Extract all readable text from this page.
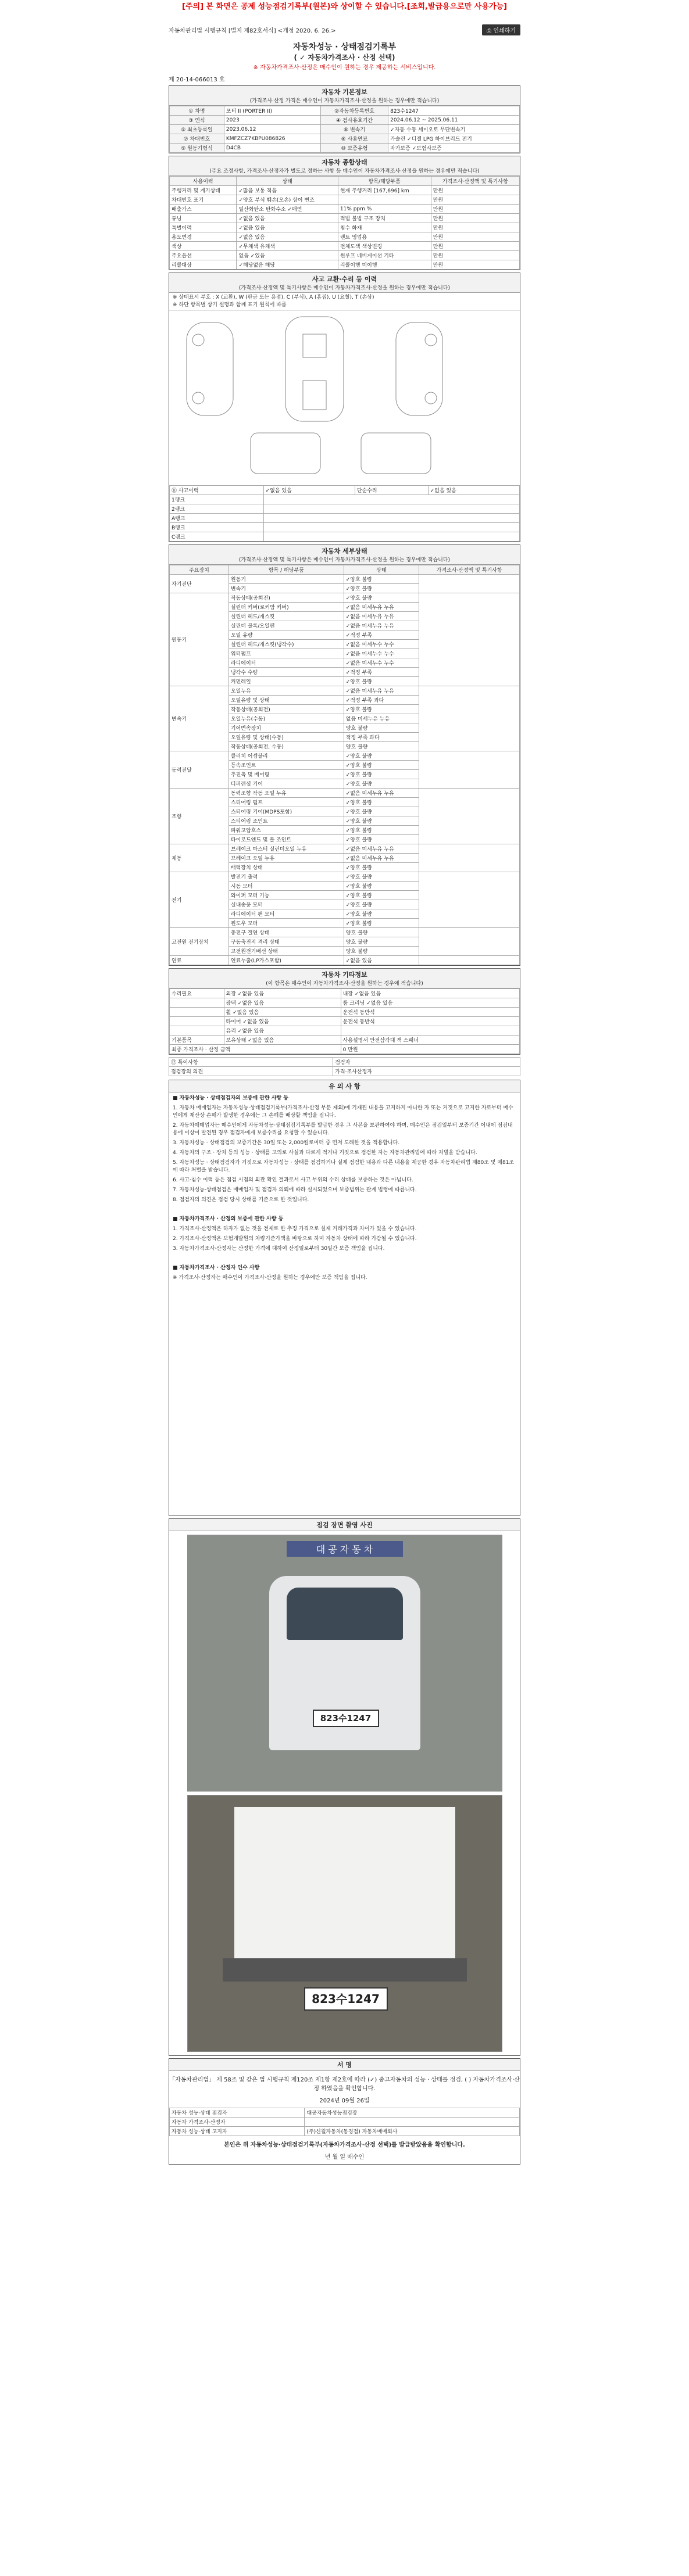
[주의] 본 화면은 공제 성능점검기록부(원본)와 상이할 수 있습니다.[조회,발급용으로만 사용가능]
자동차관리법 시행규칙 [별지 제82호서식] <개정 2020. 6. 26.>	⎙ 인쇄하기
자동차성능 · 상태점검기록부
( ✓ 자동차가격조사 · 산정 선택)
※ 자동차가격조사·산정은 매수인이 원하는 경우 제공하는 서비스입니다.
제 20-14-066013 호
자동차 기본정보
(가격조사·산정 가격은 매수인이 자동차가격조사·산정을 원하는 경우에만 적습니다)
① 차명	포터 II (PORTER II)	②자동차등록번호	823수1247
③ 연식	2023	④ 검사유효기간	2024.06.12 ~ 2025.06.11
⑤ 최초등록일	2023.06.12	⑥ 변속기	✓자동 수동 세미오토 무단변속기
⑦ 차대번호	KMFZCZ7KBPU086826	⑧ 사용연료	가솔린 ✓디젤 LPG 하이브리드 전기
⑨ 원동기형식	D4CB	⑩ 보증유형	자가보증 ✓보험사보증
자동차 종합상태
(주요 조정사항, 가격조사·산정자가 별도로 정하는 사항 등 매수인이 자동차가격조사·산정을 원하는 경우에만 적습니다)
사용이력	상태	항목/해당부품	가격조사·산정액 및 특기사항
주행거리 및 계기상태	✓많음 보통 적음	현재 주행거리 [167,696] km	만원
차대번호 표기	✓양호 부식 훼손(오손) 상이 변조		만원
배출가스	일산화탄소 탄화수소 ✓매연	11% ppm %	만원
튜닝	✓없음 있음	적법 불법 구조 장치	만원
특별이력	✓없음 있음	침수 화재	만원
용도변경	✓없음 있음	렌트 영업용	만원
색상	✓무채색 유채색	전체도색 색상변경	만원
주요옵션	없음 ✓있음	썬루프 네비게이션 기타	만원
리콜대상	✓해당없음 해당	리콜이행 미이행	만원
사고 교환·수리 등 이력
(가격조사·산정액 및 특기사항은 매수인이 자동차가격조사·산정을 원하는 경우에만 적습니다)
※ 상태표시 부호 : X (교환), W (판금 또는 용접), C (부식), A (흠집), U (요철), T (손상)
※ 하단 항목별 상기 설명과 함께 표기 원칙에 따름
⑪ 사고이력	✓없음 있음	단순수리	✓없음 있음
1랭크			
2랭크			
A랭크			
B랭크			
C랭크			
자동차 세부상태
(가격조사·산정액 및 특기사항은 매수인이 자동차가격조사·산정을 원하는 경우에만 적습니다)
주요장치	항목 / 해당부품	상태	가격조사·산정액 및 특기사항
자기진단	원동기	✓양호 불량	
	변속기	✓양호 불량	
원동기	작동상태(공회전)	✓양호 불량	
	실린더 커버(로커암 커버)	✓없음 미세누유 누유	
	실린더 헤드/개스킷	✓없음 미세누유 누유	
	실린더 블록/오일팬	✓없음 미세누유 누유	
	오일 유량	✓적정 부족	
	실린더 헤드/개스킷(냉각수)	✓없음 미세누수 누수	
	워터펌프	✓없음 미세누수 누수	
	라디에이터	✓없음 미세누수 누수	
	냉각수 수량	✓적정 부족	
	커먼레일	✓양호 불량	
변속기	오일누유	✓없음 미세누유 누유	
	오일유량 및 상태	✓적정 부족 과다	
	작동상태(공회전)	✓양호 불량	
	오일누유(수동)	없음 미세누유 누유	
	기어변속장치	양호 불량	
	오일유량 및 상태(수동)	적정 부족 과다	
	작동상태(공회전, 수동)	양호 불량	
동력전달	클러치 어셈블리	✓양호 불량	
	등속조인트	✓양호 불량	
	추진축 및 베어링	✓양호 불량	
	디퍼렌셜 기어	✓양호 불량	
조향	동력조향 작동 오일 누유	✓없음 미세누유 누유	
	스티어링 펌프	✓양호 불량	
	스티어링 기어(MDPS포함)	✓양호 불량	
	스티어링 조인트	✓양호 불량	
	파워고압호스	✓양호 불량	
	타이로드엔드 및 볼 조인트	✓양호 불량	
제동	브레이크 마스터 실린더오일 누유	✓없음 미세누유 누유	
	브레이크 오일 누유	✓없음 미세누유 누유	
	배력장치 상태	✓양호 불량	
전기	발전기 출력	✓양호 불량	
	시동 모터	✓양호 불량	
	와이퍼 모터 기능	✓양호 불량	
	실내송풍 모터	✓양호 불량	
	라디에이터 팬 모터	✓양호 불량	
	윈도우 모터	✓양호 불량	
고전원 전기장치	충전구 절연 상태	양호 불량	
	구동축전지 격리 상태	양호 불량	
	고전원전기배선 상태	양호 불량	
연료	연료누출(LP가스포함)	✓없음 있음	
자동차 기타정보
(이 항목은 매수인이 자동차가격조사·산정을 원하는 경우에 적습니다)
수리필요	외장 ✓없음 있음	내장 ✓없음 있음
	광택 ✓없음 있음	룸 크리닝 ✓없음 있음
	휠 ✓없음 있음	운전석 동반석
	타이어 ✓없음 있음	운전석 동반석
	유리 ✓없음 있음	
기본품목	보유상태 ✓없음 있음	사용설명서 안전삼각대 잭 스패너
최종 가격조사 · 산정 금액		0 만원
⑫ 특이사항	점검자
점검장의 의견	가격·조사산정자
유 의 사 항

■ 자동차성능 · 상태점검자의 보증에 관한 사항 등

1. 자동차 매매업자는 자동차성능·상태점검기록부(가격조사·산정 부분 제외)에 기재된 내용을 고지하지 아니한 자 또는 거짓으로 고지한 자로부터 매수인에게 재산상 손해가 발생한 경우에는 그 손해를 배상할 책임을 집니다.

2. 자동차매매업자는 매수인에게 자동차성능·상태점검기록부를 발급한 경우 그 사본을 보관하여야 하며, 매수인은 점검일부터 보증기간 이내에 점검내용에 이상이 발견된 경우 점검자에게 보증수리를 요청할 수 있습니다.

3. 자동차성능 · 상태점검의 보증기간은 30일 또는 2,000킬로미터 중 먼저 도래한 것을 적용합니다.

4. 자동차의 구조 · 장치 등의 성능 · 상태를 고의로 사실과 다르게 적거나 거짓으로 점검한 자는 자동차관리법에 따라 처벌을 받습니다.

5. 자동차성능 · 상태점검자가 거짓으로 자동차성능 · 상태를 점검하거나 실제 점검한 내용과 다른 내용을 제공한 경우 자동차관리법 제80조 및 제81조에 따라 처벌을 받습니다.

6. 사고·침수 이력 등은 점검 시점의 외관 확인 결과로서 사고 부위의 수리 상태를 보증하는 것은 아닙니다.

7. 자동차성능·상태점검은 매매업자 및 점검자 의뢰에 따라 실시되었으며 보증범위는 관계 법령에 따릅니다.

8. 점검자의 의견은 점검 당시 상태를 기준으로 한 것입니다.

■ 자동차가격조사 · 산정의 보증에 관한 사항 등

1. 가격조사·산정액은 하자가 없는 것을 전제로 한 추정 가격으로 실제 거래가격과 차이가 있을 수 있습니다.

2. 가격조사·산정액은 보험개발원의 차량기준가액을 바탕으로 하며 자동차 상태에 따라 가감될 수 있습니다.

3. 자동차가격조사·산정자는 산정한 가격에 대하여 산정일로부터 30일간 보증 책임을 집니다.

■ 자동차가격조사 · 산정자 인수 사항

※ 가격조사·산정자는 매수인이 가격조사·산정을 원하는 경우에만 보증 책임을 집니다.

점검 장면 촬영 사진
대 공 자 동 차
823수1247
823수1247
서 명

「자동차관리법」 제 58조 및 같은 법 시행규칙 제120조 제1항 제2호에 따라 (✓) 중고자동차의 성능 · 상태를 점검, ( ) 자동차가격조사·산정 하였음을 확인합니다.

2024년 09월 26일

자동차 성능·상태 점검자	대공자동차성능점검장
자동차 가격조사·산정자	
자동차 성능·상태 고지자	(주)신월자동차(동경점) 자동차매매회사

본인은 위 자동차성능·상태점검기록부(자동차가격조사·산정 선택)를 발급받았음을 확인합니다.

년 월 일 매수인
